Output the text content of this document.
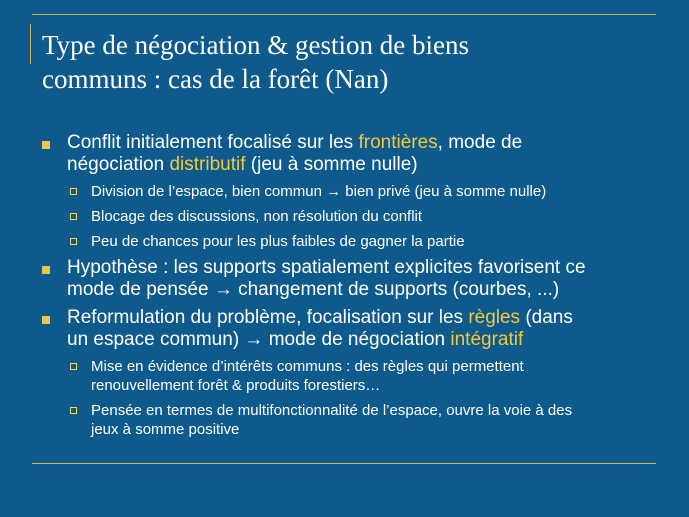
Type de négociation & gestion de biens
communs : cas de la forêt (Nan)
Conflit initialement focalisé sur les frontières, mode de
négociation distributif (jeu à somme nulle)
Division de l’espace, bien commun → bien privé (jeu à somme nulle)
Blocage des discussions, non résolution du conflit
Peu de chances pour les plus faibles de gagner la partie
Hypothèse : les supports spatialement explicites favorisent ce
mode de pensée → changement de supports (courbes, ...)
Reformulation du problème, focalisation sur les règles (dans
un espace commun) → mode de négociation intégratif
Mise en évidence d’intérêts communs : des règles qui permettent
renouvellement forêt & produits forestiers…
Pensée en termes de multifonctionnalité de l’espace, ouvre la voie à des
jeux à somme positive
